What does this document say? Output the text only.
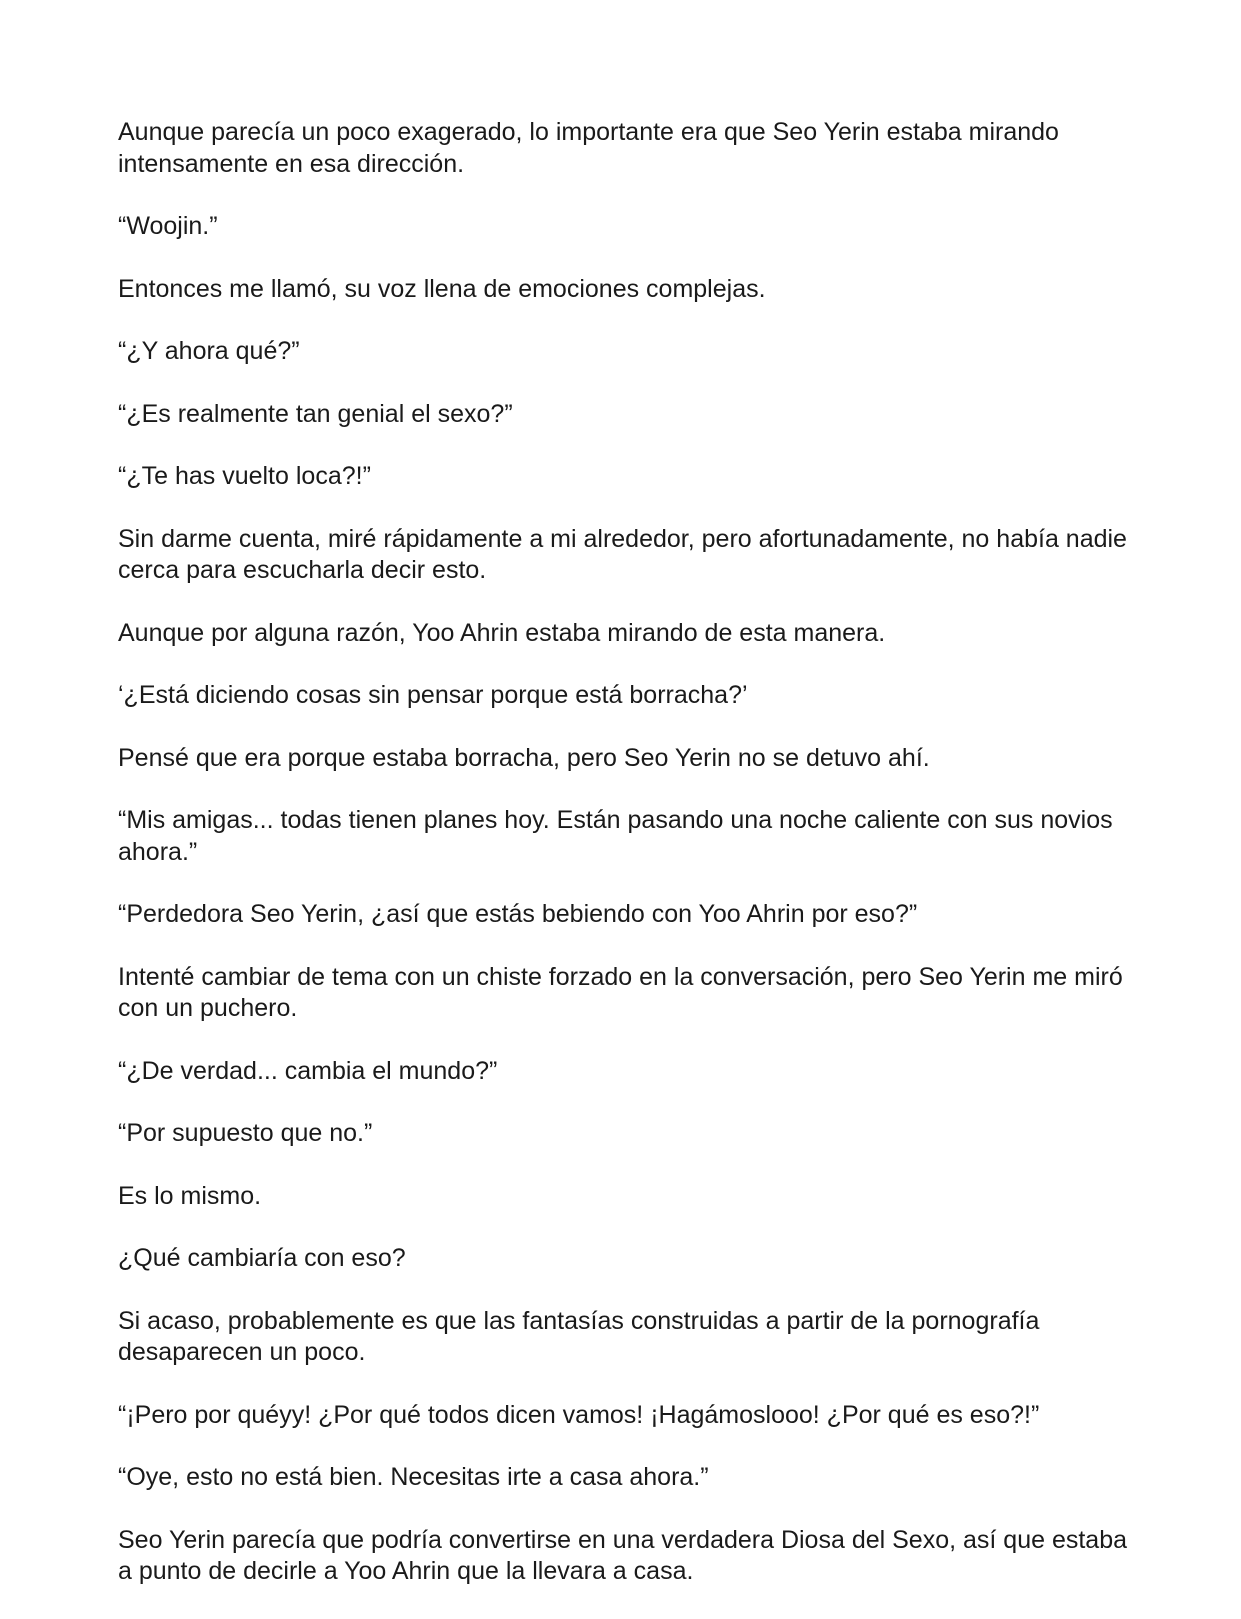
Aunque parecía un poco exagerado, lo importante era que Seo Yerin estaba mirando intensamente en esa dirección.

“Woojin.”

Entonces me llamó, su voz llena de emociones complejas.

“¿Y ahora qué?”

“¿Es realmente tan genial el sexo?”

“¿Te has vuelto loca?!”

Sin darme cuenta, miré rápidamente a mi alrededor, pero afortunadamente, no había nadie cerca para escucharla decir esto.

Aunque por alguna razón, Yoo Ahrin estaba mirando de esta manera.

‘¿Está diciendo cosas sin pensar porque está borracha?’

Pensé que era porque estaba borracha, pero Seo Yerin no se detuvo ahí.

“Mis amigas... todas tienen planes hoy. Están pasando una noche caliente con sus novios ahora.”

“Perdedora Seo Yerin, ¿así que estás bebiendo con Yoo Ahrin por eso?”

Intenté cambiar de tema con un chiste forzado en la conversación, pero Seo Yerin me miró con un puchero.

“¿De verdad... cambia el mundo?”

“Por supuesto que no.”

Es lo mismo.

¿Qué cambiaría con eso?

Si acaso, probablemente es que las fantasías construidas a partir de la pornografía desaparecen un poco.

“¡Pero por quéyy! ¿Por qué todos dicen vamos! ¡Hagámoslooo! ¿Por qué es eso?!”

“Oye, esto no está bien. Necesitas irte a casa ahora.”

Seo Yerin parecía que podría convertirse en una verdadera Diosa del Sexo, así que estaba a punto de decirle a Yoo Ahrin que la llevara a casa.
